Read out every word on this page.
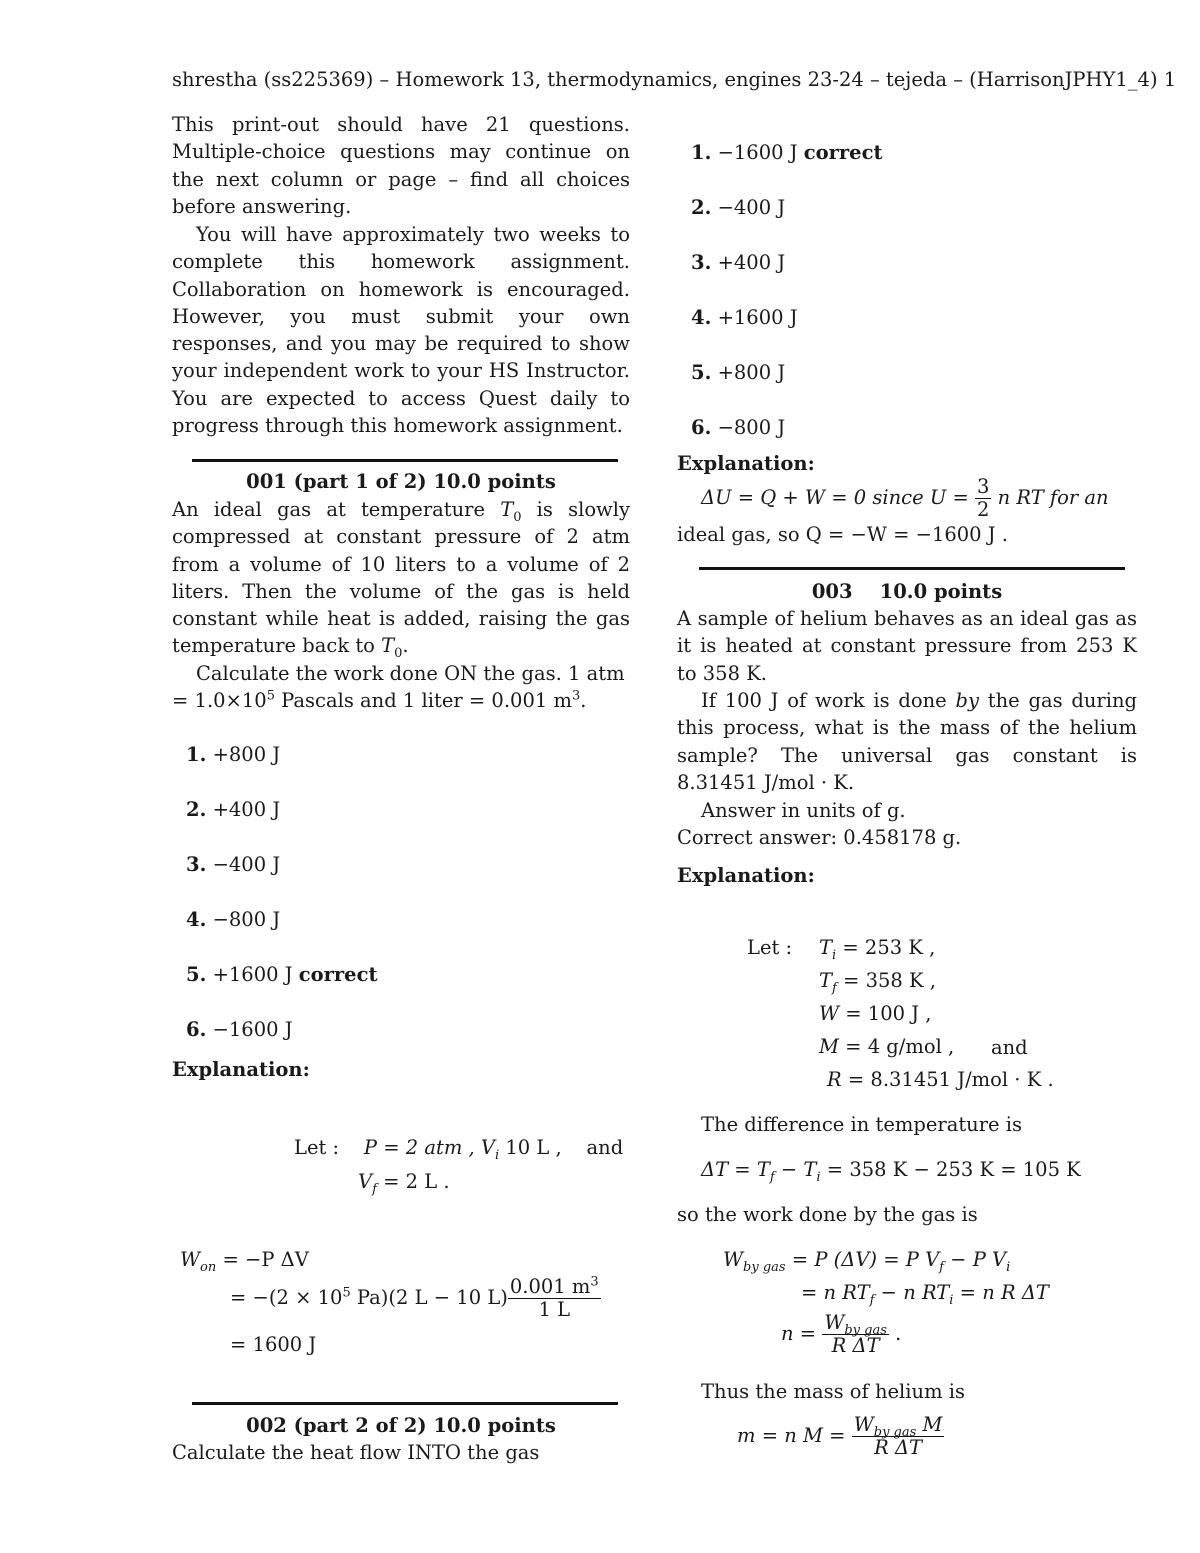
shrestha (ss225369) – Homework 13, thermodynamics, engines 23-24 – tejeda – (HarrisonJPHY1_4) 1

This print-out should have 21 questions. Multiple-choice questions may continue on the next column or page – find all choices before answering.

You will have approximately two weeks to complete this homework assignment. Collaboration on homework is encouraged. However, you must submit your own responses, and you may be required to show your independent work to your HS Instructor. You are expected to access Quest daily to progress through this homework assignment.

001 (part 1 of 2) 10.0 points

An ideal gas at temperature $T_0$ is slowly compressed at constant pressure of 2 atm from a volume of 10 liters to a volume of 2 liters. Then the volume of the gas is held constant while heat is added, raising the gas temperature back to $T_0$.

Calculate the work done ON the gas. 1 atm = $1.0\times 10^5$ Pascals and 1 liter = 0.001 $m^3$.

1. +800 J
2. +400 J
3. −400 J
4. −800 J
5. +1600 J correct
6. −1600 J
Explanation:
Let : P = 2 atm , $V_i$ 10 L , and
$V_f = 2$ L .
$W_{on} = -P$ ΔV
= $-(2 \times 10^5$ Pa)(2 L − 10 $L) \frac{0.001 m^3}{1 L}$
= 1600 J
002 (part 2 of 2) 10.0 points

Calculate the heat flow INTO the gas

1. −1600 J correct
2. −400 J
3. +400 J
4. +1600 J
5. +800 J
6. −800 J
Explanation:
ΔU = Q + W = 0 since $U = \frac{3}{2}$ n RT for an
ideal gas, so Q = −W = −1600 J .
003    10.0 points

A sample of helium behaves as an ideal gas as it is heated at constant pressure from 253 K to 358 K.

If 100 J of work is done by the gas during this process, what is the mass of the helium sample? The universal gas constant is 8.31451 J/mol · K.

Answer in units of g.

Correct answer: 0.458178 g.

Explanation:
Let : $T_i = 253$ K ,
$T_f = 358$ K ,
W = 100 J ,
M = 4 g/mol ,
R = 8.31451 J/mol · K .
and

The difference in temperature is

$\Delta T = T_f - T_i = 358$ K − 253 K = 105 K

so the work done by the gas is

$W_{by gas} = P$ (ΔV) = P $V_f - P$ $V_i$
= n $RT_f - n$ $RT_i = n$ R ΔT
$n = \frac{W_{by gas}}{\text{R ΔT}}$ .

Thus the mass of helium is

m = n $M = \frac{W_{by gas} M}{\text{R ΔT}}$
